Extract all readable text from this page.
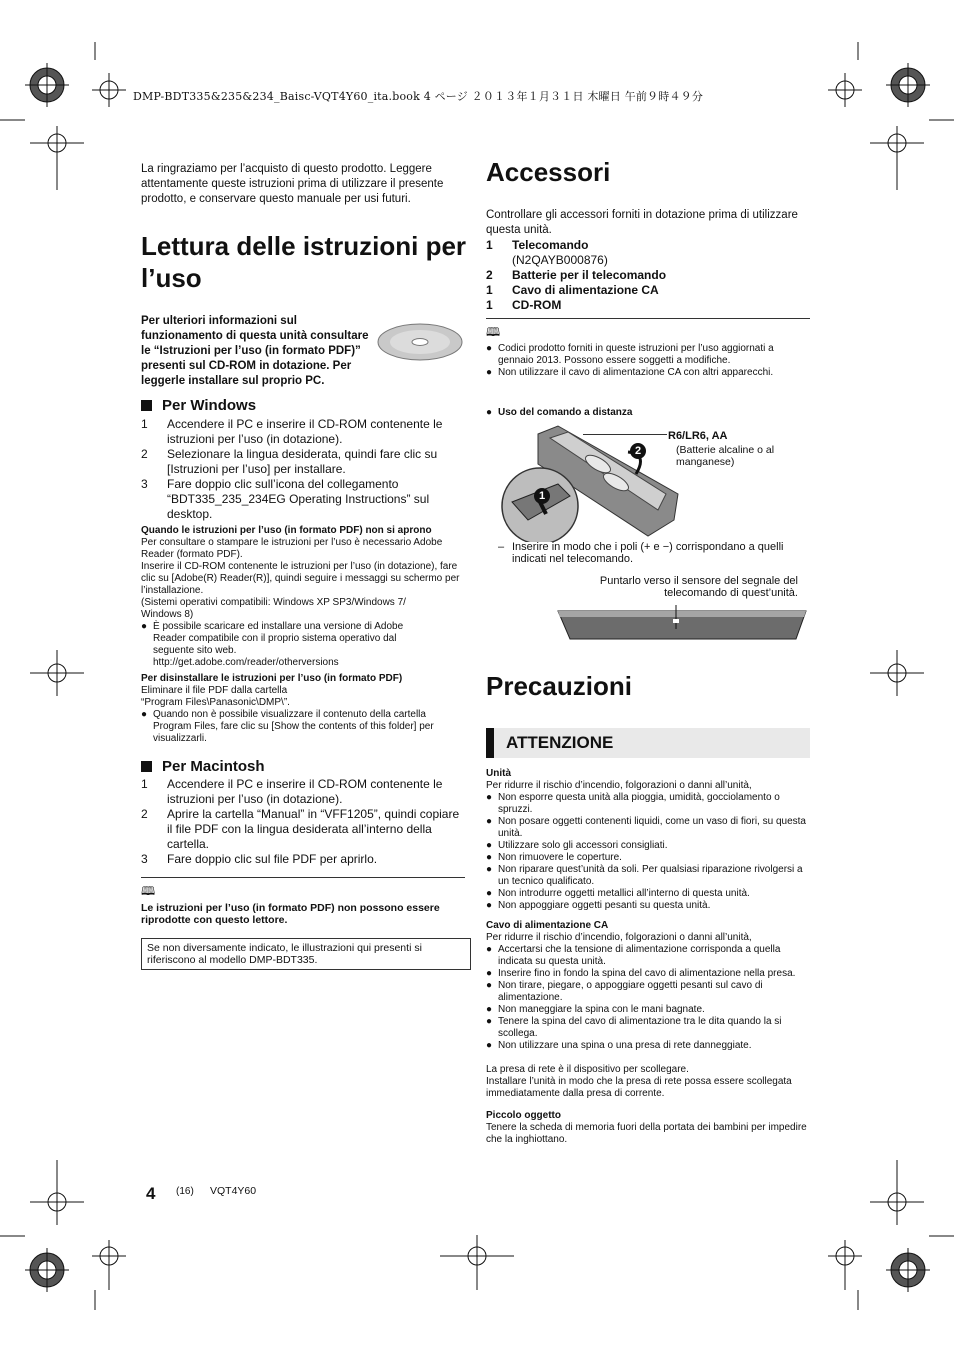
DMP-BDT335&235&234_Baisc-VQT4Y60_ita.book 4 ページ ２０１３年１月３１日 木曜日 午前９時４９分
La ringraziamo per l’acquisto di questo prodotto. Leggere attentamente queste istruzioni prima di utilizzare il presente prodotto, e conservare questo manuale per usi futuri.
Lettura delle istruzioni per l’uso

Per ulteriori informazioni sul funzionamento di questa unità consultare le “Istruzioni per l’uso (in formato PDF)” presenti sul CD-ROM in dotazione. Per leggerle installare sul proprio PC.

Per Windows
1	Accendere il PC e inserire il CD-ROM contenente le istruzioni per l’uso (in dotazione).
2	Selezionare la lingua desiderata, quindi fare clic su [Istruzioni per l’uso] per installare.
3	Fare doppio clic sull’icona del collegamento “BDT335_235_234EG Operating Instructions” sul desktop.
Quando le istruzioni per l’uso (in formato PDF) non si aprono
Per consultare o stampare le istruzioni per l’uso è necessario Adobe Reader (formato PDF).
Inserire il CD-ROM contenente le istruzioni per l’uso (in dotazione), fare clic su [Adobe(R) Reader(R)], quindi seguire i messaggi su schermo per l’installazione.
(Sistemi operativi compatibili: Windows XP SP3/Windows 7/ Windows 8)
● È possibile scaricare ed installare una versione di Adobe Reader compatibile con il proprio sistema operativo dal seguente sito web.
http://get.adobe.com/reader/otherversions
Per disinstallare le istruzioni per l’uso (in formato PDF)
Eliminare il file PDF dalla cartella “Program Files\Panasonic\DMP\”.
● Quando non è possibile visualizzare il contenuto della cartella Program Files, fare clic su [Show the contents of this folder] per visualizzarli.
Per Macintosh
1	Accendere il PC e inserire il CD-ROM contenente le istruzioni per l’uso (in dotazione).
2	Aprire la cartella “Manual” in “VFF1205”, quindi copiare il file PDF con la lingua desiderata all’interno della cartella.
3	Fare doppio clic sul file PDF per aprirlo.
🕮
Le istruzioni per l’uso (in formato PDF) non possono essere riprodotte con questo lettore.
Se non diversamente indicato, le illustrazioni qui presenti si riferiscono al modello DMP-BDT335.
Accessori
Controllare gli accessori forniti in dotazione prima di utilizzare questa unità.
1	Telecomando
(N2QAYB000876)
2	Batterie per il telecomando
1	Cavo di alimentazione CA
1	CD-ROM
🕮
● Codici prodotto forniti in queste istruzioni per l’uso aggiornati a gennaio 2013. Possono essere soggetti a modifiche.
● Non utilizzare il cavo di alimentazione CA con altri apparecchi.
● Uso del comando a distanza
1
2
R6/LR6, AA
(Batterie alcaline o al manganese)
– Inserire in modo che i poli (+ e −) corrispondano a quelli indicati nel telecomando.
Puntarlo verso il sensore del segnale del telecomando di quest’unità.
Precauzioni
ATTENZIONE
Unità
Per ridurre il rischio d’incendio, folgorazioni o danni all’unità,
● Non esporre questa unità alla pioggia, umidità, gocciolamento o spruzzi.
● Non posare oggetti contenenti liquidi, come un vaso di fiori, su questa unità.
● Utilizzare solo gli accessori consigliati.
● Non rimuovere le coperture.
● Non riparare quest’unità da soli. Per qualsiasi riparazione rivolgersi a un tecnico qualificato.
● Non introdurre oggetti metallici all’interno di questa unità.
● Non appoggiare oggetti pesanti su questa unità.
Cavo di alimentazione CA
Per ridurre il rischio d’incendio, folgorazioni o danni all’unità,
● Accertarsi che la tensione di alimentazione corrisponda a quella indicata su questa unità.
● Inserire fino in fondo la spina del cavo di alimentazione nella presa.
● Non tirare, piegare, o appoggiare oggetti pesanti sul cavo di alimentazione.
● Non maneggiare la spina con le mani bagnate.
● Tenere la spina del cavo di alimentazione tra le dita quando la si scollega.
● Non utilizzare una spina o una presa di rete danneggiate.
La presa di rete è il dispositivo per scollegare.
Installare l’unità in modo che la presa di rete possa essere scollegata immediatamente dalla presa di corrente.
Piccolo oggetto
Tenere la scheda di memoria fuori della portata dei bambini per impedire che la inghiottano.
4 (16) VQT4Y60
